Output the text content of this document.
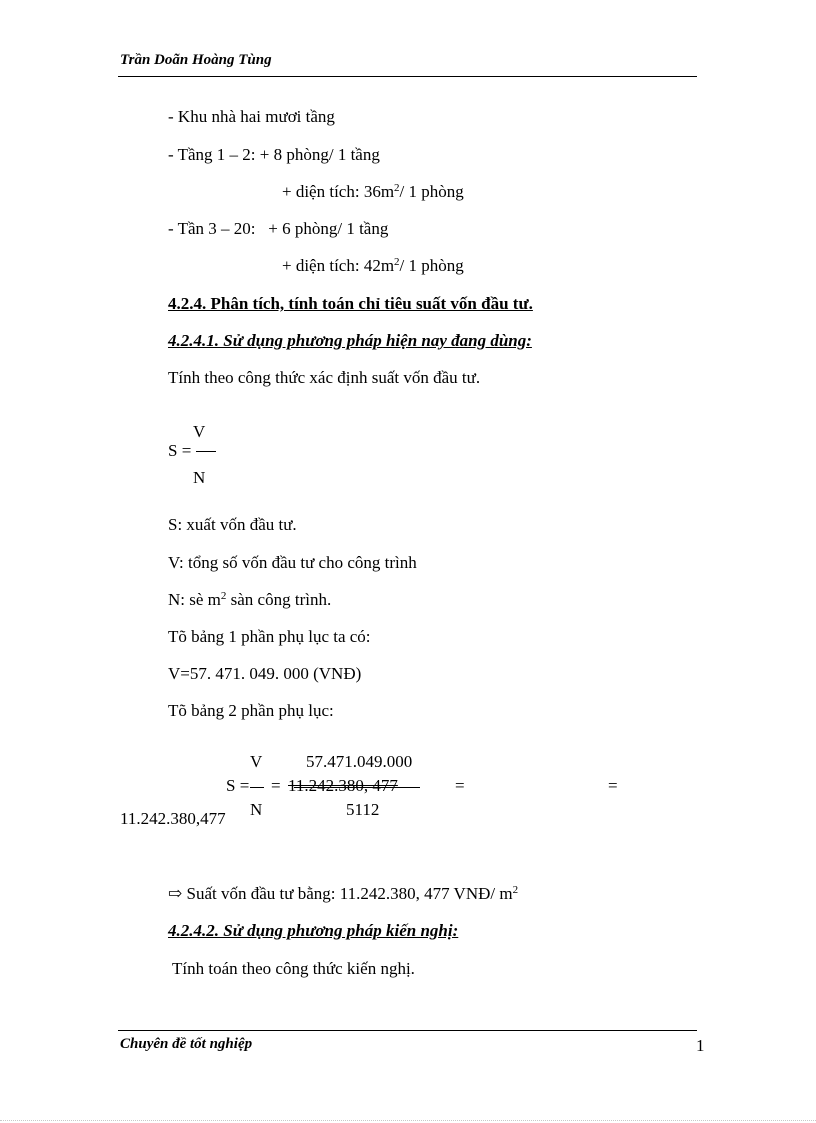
Trần Doãn Hoàng Tùng
- Khu nhà hai mươi tầng
- Tầng 1 – 2: + 8 phòng/ 1 tầng
+ diện tích: $36m^2/$ 1 phòng
- Tần 3 – 20:   + 6 phòng/ 1 tầng
+ diện tích: $42m^2/$ 1 phòng
4.2.4. Phân tích, tính toán chỉ tiêu suất vốn đầu tư.
4.2.4.1. Sử dụng phương pháp hiện nay đang dùng:
Tính theo công thức xác định suất vốn đầu tư.
V
S =
N
S: xuất vốn đầu tư.
V: tổng số vốn đầu tư cho công trình
N: sè $m^2$ sàn công trình.
Tõ bảng 1 phần phụ lục ta có:
V=57. 471. 049. 000 (VNĐ)
Tõ bảng 2 phần phụ lục:
V	57.471.049.000
S = = 11.242.380, 477	=	=
N	5112
11.242.380,477
⇨ Suất vốn đầu tư bằng: 11.242.380, 477 VNĐ/ $m^2$
4.2.4.2. Sử dụng phương pháp kiến nghị:
Tính toán theo công thức kiến nghị.
Chuyên đề tốt nghiệp	1
